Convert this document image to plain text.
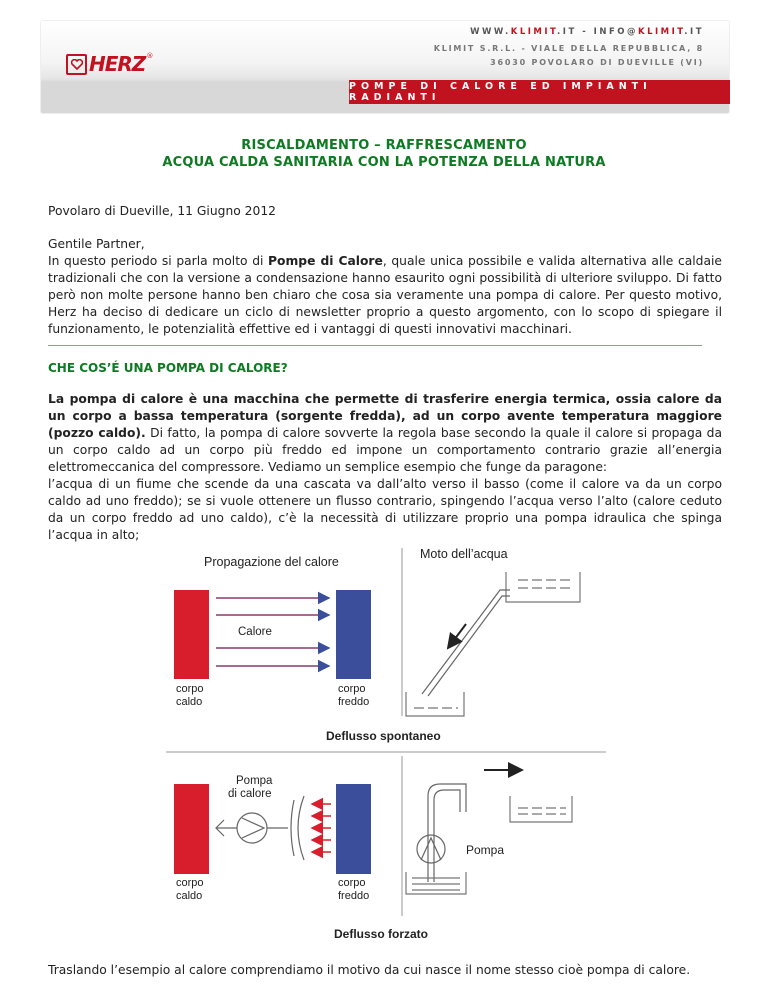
HERZ ®
WWW.KLIMIT.IT - INFO@KLIMIT.IT
KLIMIT S.R.L. - VIALE DELLA REPUBBLICA, 8
36030 POVOLARO DI DUEVILLE (VI)
POMPE DI CALORE ED IMPIANTI RADIANTI
RISCALDAMENTO – RAFFRESCAMENTO
ACQUA CALDA SANITARIA CON LA POTENZA DELLA NATURA

Povolaro di Dueville, 11 Giugno 2012

Gentile Partner,
In questo periodo si parla molto di Pompe di Calore, quale unica possibile e valida alternativa alle caldaie tradizionali che con la versione a condensazione hanno esaurito ogni possibilità di ulteriore sviluppo. Di fatto però non molte persone hanno ben chiaro che cosa sia veramente una pompa di calore. Per questo motivo, Herz ha deciso di dedicare un ciclo di newsletter proprio a questo argomento, con lo scopo di spiegare il funzionamento, le potenzialità effettive ed i vantaggi di questi innovativi macchinari.
CHE COS’É UNA POMPA DI CALORE?
La pompa di calore è una macchina che permette di trasferire energia termica, ossia calore da un corpo a bassa temperatura (sorgente fredda), ad un corpo avente temperatura maggiore (pozzo caldo). Di fatto, la pompa di calore sovverte la regola base secondo la quale il calore si propaga da un corpo caldo ad un corpo più freddo ed impone un comportamento contrario grazie all’energia elettromeccanica del compressore. Vediamo un semplice esempio che funge da paragone:
l’acqua di un fiume che scende da una cascata va dall’alto verso il basso (come il calore va da un corpo caldo ad uno freddo); se si vuole ottenere un flusso contrario, spingendo l’acqua verso l’alto (calore ceduto da un corpo freddo ad uno caldo), c’è la necessità di utilizzare proprio una pompa idraulica che spinga l’acqua in alto;
Propagazione del calore
Calore
corpo
caldo
corpo
freddo
Moto dell’acqua
Deflusso spontaneo
Pompa
di calore
corpo
caldo
corpo
freddo
Pompa
Deflusso forzato

Traslando l’esempio al calore comprendiamo il motivo da cui nasce il nome stesso cioè pompa di calore.
